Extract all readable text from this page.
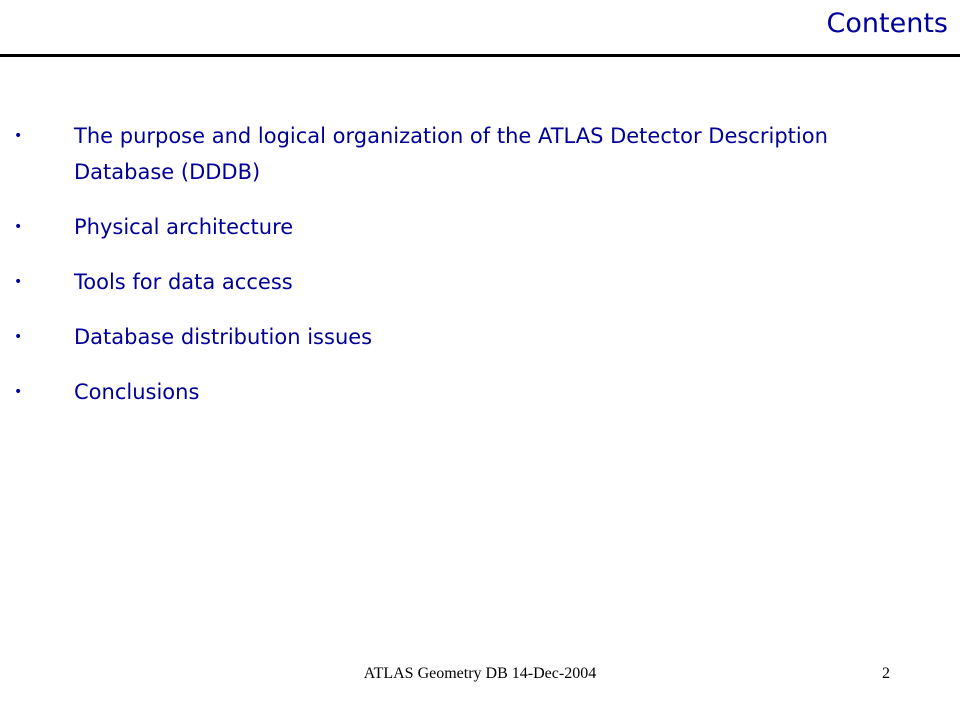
Contents
• The purpose and logical organization of the ATLAS Detector Description Database (DDDB)
• Physical architecture
• Tools for data access
• Database distribution issues
• Conclusions
ATLAS Geometry DB 14-Dec-2004	2
